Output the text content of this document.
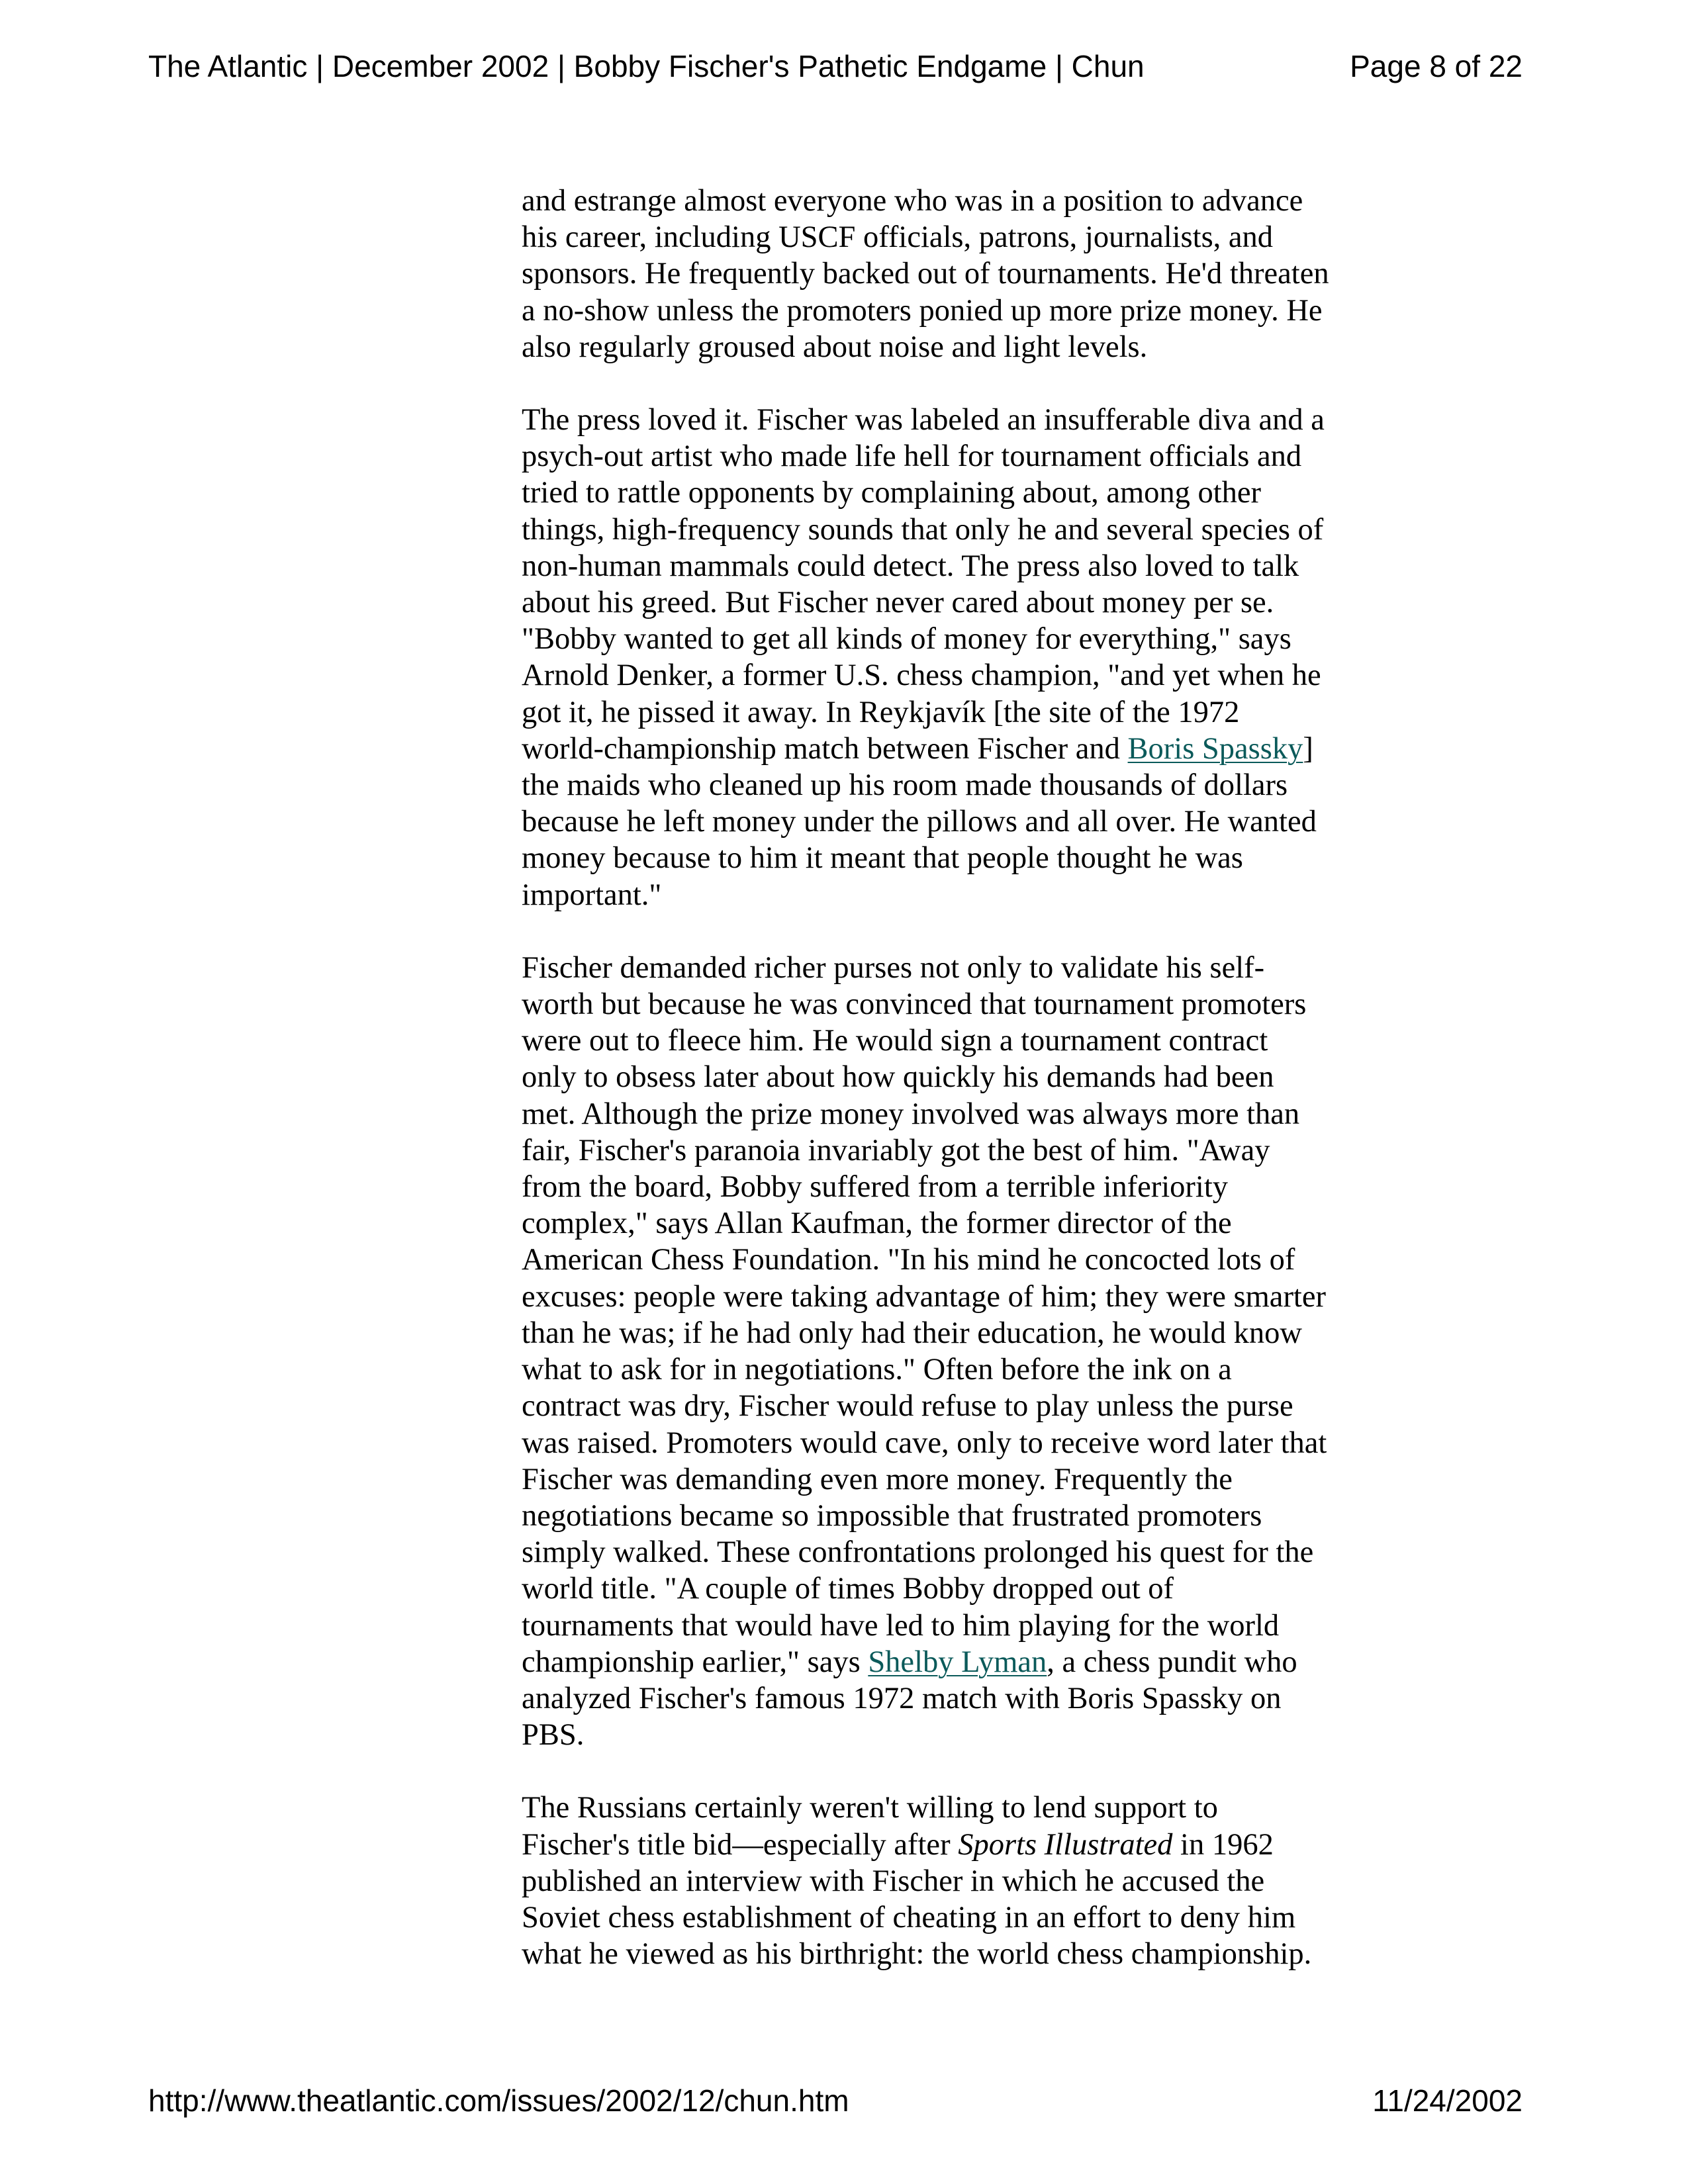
The Atlantic | December 2002 | Bobby Fischer's Pathetic Endgame | Chun	Page 8 of 22

and estrange almost everyone who was in a position to advance
his career, including USCF officials, patrons, journalists, and
sponsors. He frequently backed out of tournaments. He'd threaten
a no-show unless the promoters ponied up more prize money. He
also regularly groused about noise and light levels.

The press loved it. Fischer was labeled an insufferable diva and a
psych-out artist who made life hell for tournament officials and
tried to rattle opponents by complaining about, among other
things, high-frequency sounds that only he and several species of
non-human mammals could detect. The press also loved to talk
about his greed. But Fischer never cared about money per se.
"Bobby wanted to get all kinds of money for everything," says
Arnold Denker, a former U.S. chess champion, "and yet when he
got it, he pissed it away. In Reykjavík [the site of the 1972
world-championship match between Fischer and Boris Spassky]
the maids who cleaned up his room made thousands of dollars
because he left money under the pillows and all over. He wanted
money because to him it meant that people thought he was
important."

Fischer demanded richer purses not only to validate his self-
worth but because he was convinced that tournament promoters
were out to fleece him. He would sign a tournament contract
only to obsess later about how quickly his demands had been
met. Although the prize money involved was always more than
fair, Fischer's paranoia invariably got the best of him. "Away
from the board, Bobby suffered from a terrible inferiority
complex," says Allan Kaufman, the former director of the
American Chess Foundation. "In his mind he concocted lots of
excuses: people were taking advantage of him; they were smarter
than he was; if he had only had their education, he would know
what to ask for in negotiations." Often before the ink on a
contract was dry, Fischer would refuse to play unless the purse
was raised. Promoters would cave, only to receive word later that
Fischer was demanding even more money. Frequently the
negotiations became so impossible that frustrated promoters
simply walked. These confrontations prolonged his quest for the
world title. "A couple of times Bobby dropped out of
tournaments that would have led to him playing for the world
championship earlier," says Shelby Lyman, a chess pundit who
analyzed Fischer's famous 1972 match with Boris Spassky on
PBS.

The Russians certainly weren't willing to lend support to
Fischer's title bid—especially after Sports Illustrated in 1962
published an interview with Fischer in which he accused the
Soviet chess establishment of cheating in an effort to deny him
what he viewed as his birthright: the world chess championship.

http://www.theatlantic.com/issues/2002/12/chun.htm	11/24/2002
